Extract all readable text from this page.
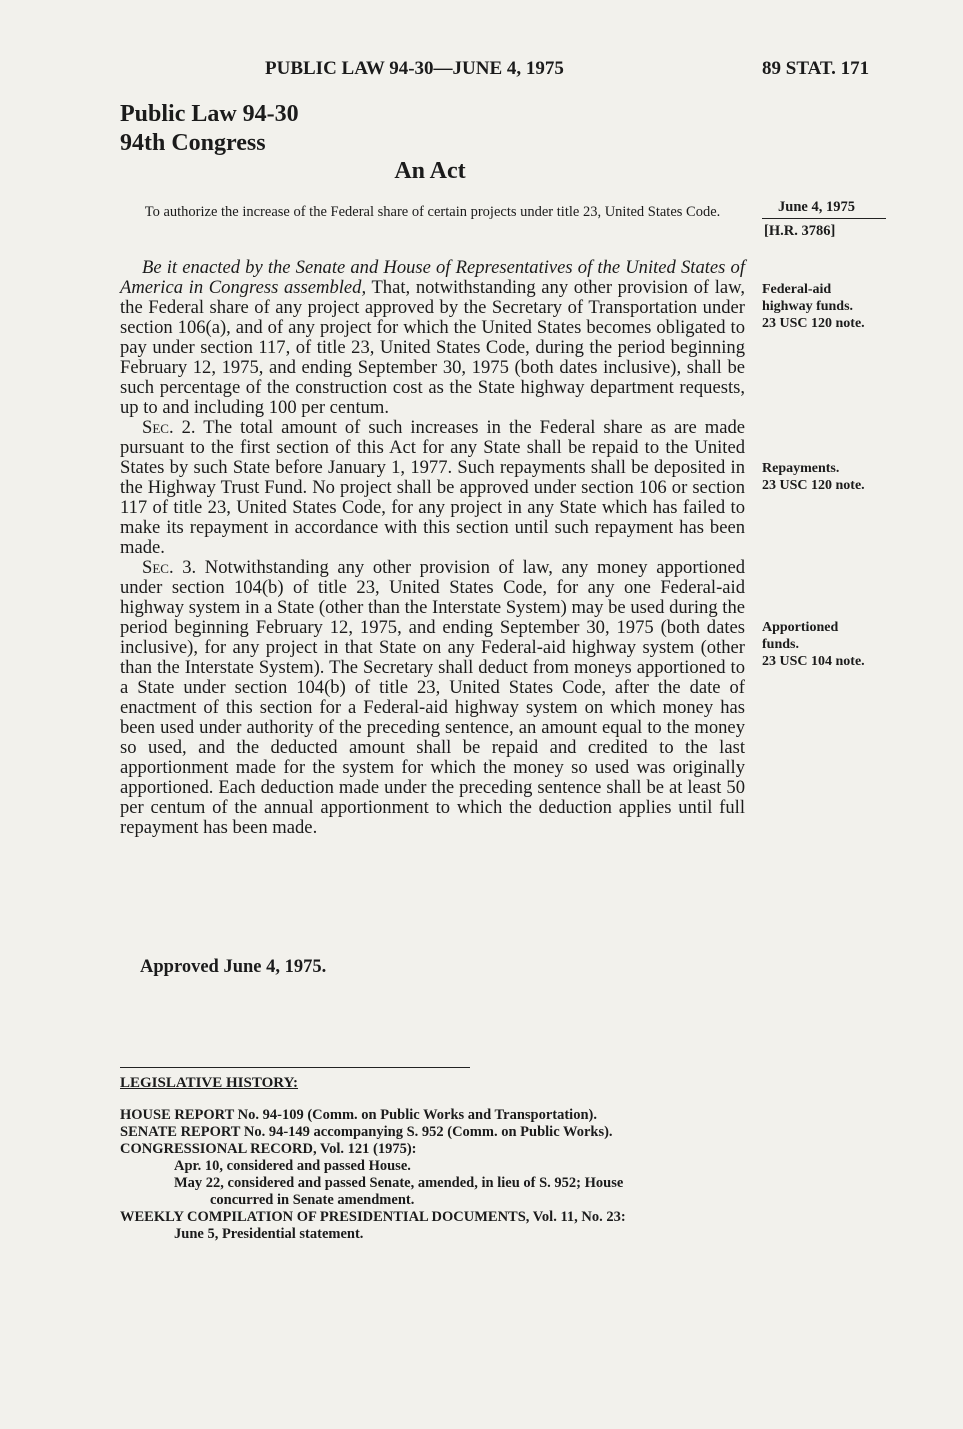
PUBLIC LAW 94-30—JUNE 4, 1975	89 STAT. 171
Public Law 94-30
94th Congress
An Act
To authorize the increase of the Federal share of certain projects under title 23, United States Code.	June 4, 1975
[H.R. 3786]
Federal-aid
highway funds.
23 USC 120 note.
Repayments.
23 USC 120 note.
Apportioned
funds.
23 USC 104 note.

Be it enacted by the Senate and House of Representatives of the United States of America in Congress assembled, That, notwithstanding any other provision of law, the Federal share of any project approved by the Secretary of Transportation under section 106(a), and of any project for which the United States becomes obligated to pay under section 117, of title 23, United States Code, during the period beginning February 12, 1975, and ending September 30, 1975 (both dates inclusive), shall be such percentage of the construction cost as the State highway department requests, up to and including 100 per centum.

Sec. 2. The total amount of such increases in the Federal share as are made pursuant to the first section of this Act for any State shall be repaid to the United States by such State before January 1, 1977. Such repayments shall be deposited in the Highway Trust Fund. No project shall be approved under section 106 or section 117 of title 23, United States Code, for any project in any State which has failed to make its repayment in accordance with this section until such repayment has been made.

Sec. 3. Notwithstanding any other provision of law, any money apportioned under section 104(b) of title 23, United States Code, for any one Federal-aid highway system in a State (other than the Interstate System) may be used during the period beginning February 12, 1975, and ending September 30, 1975 (both dates inclusive), for any project in that State on any Federal-aid highway system (other than the Interstate System). The Secretary shall deduct from moneys apportioned to a State under section 104(b) of title 23, United States Code, after the date of enactment of this section for a Federal-aid highway system on which money has been used under authority of the preceding sentence, an amount equal to the money so used, and the deducted amount shall be repaid and credited to the last apportionment made for the system for which the money so used was originally apportioned. Each deduction made under the preceding sentence shall be at least 50 per centum of the annual apportionment to which the deduction applies until full repayment has been made.

Approved June 4, 1975.
LEGISLATIVE HISTORY:
HOUSE REPORT No. 94-109 (Comm. on Public Works and Transportation).
SENATE REPORT No. 94-149 accompanying S. 952 (Comm. on Public Works).
CONGRESSIONAL RECORD, Vol. 121 (1975):
Apr. 10, considered and passed House.
May 22, considered and passed Senate, amended, in lieu of S. 952; House
concurred in Senate amendment.
WEEKLY COMPILATION OF PRESIDENTIAL DOCUMENTS, Vol. 11, No. 23:
June 5, Presidential statement.
